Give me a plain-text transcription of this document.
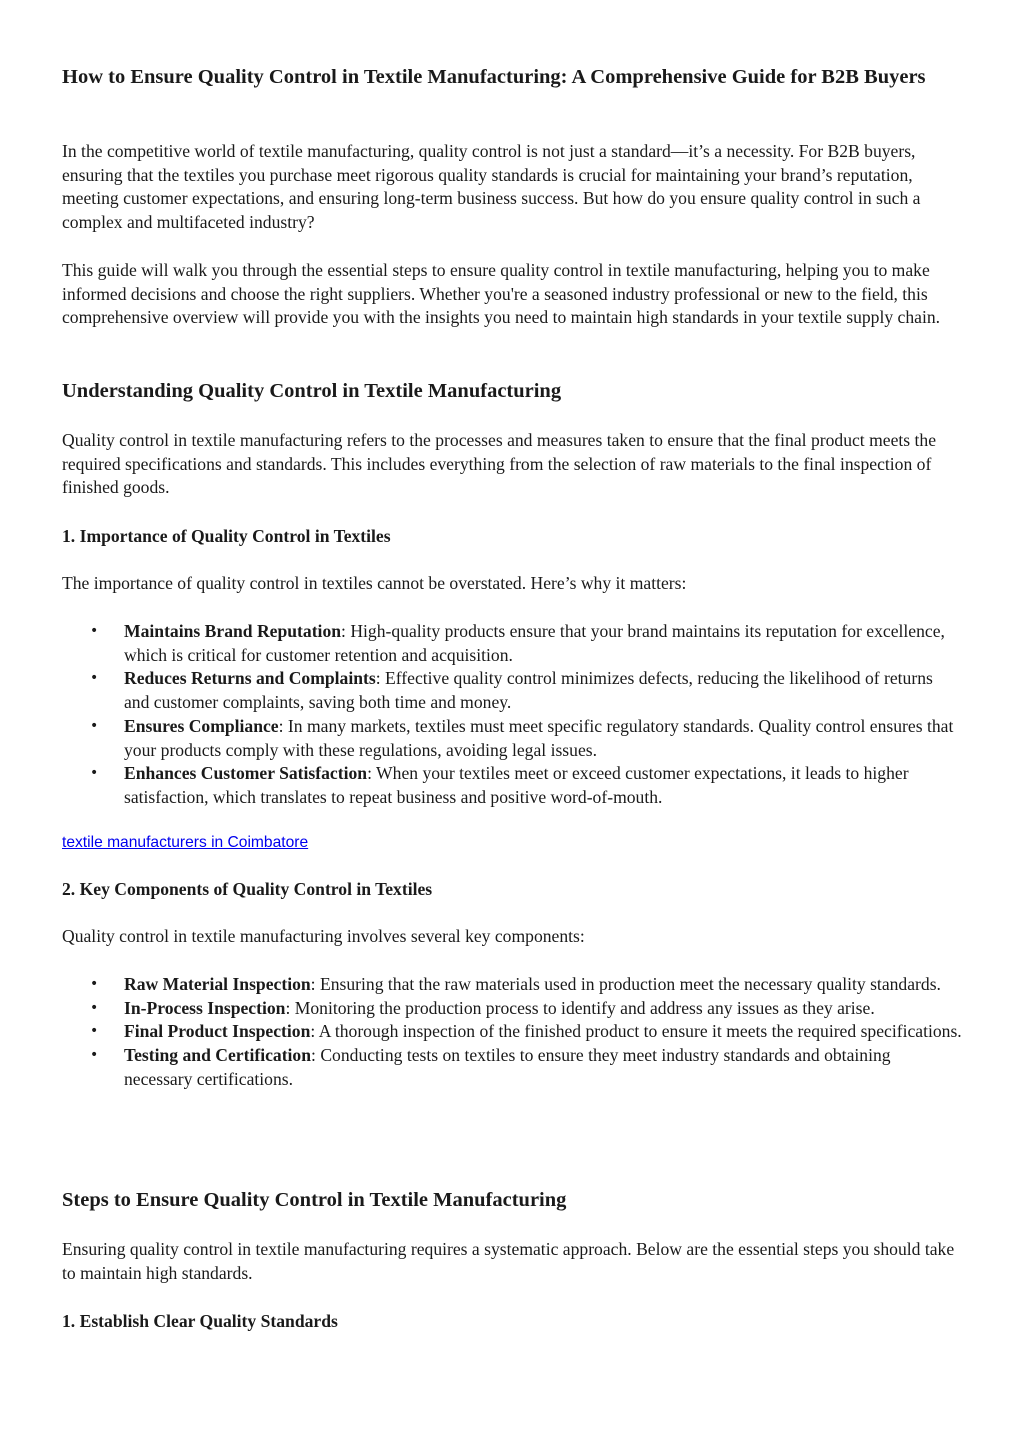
How to Ensure Quality Control in Textile Manufacturing: A Comprehensive Guide for B2B Buyers

In the competitive world of textile manufacturing, quality control is not just a standard—it’s a necessity. For B2B buyers, ensuring that the textiles you purchase meet rigorous quality standards is crucial for maintaining your brand’s reputation, meeting customer expectations, and ensuring long-term business success. But how do you ensure quality control in such a complex and multifaceted industry?

This guide will walk you through the essential steps to ensure quality control in textile manufacturing, helping you to make informed decisions and choose the right suppliers. Whether you're a seasoned industry professional or new to the field, this comprehensive overview will provide you with the insights you need to maintain high standards in your textile supply chain.

Understanding Quality Control in Textile Manufacturing

Quality control in textile manufacturing refers to the processes and measures taken to ensure that the final product meets the required specifications and standards. This includes everything from the selection of raw materials to the final inspection of finished goods.

1. Importance of Quality Control in Textiles

The importance of quality control in textiles cannot be overstated. Here’s why it matters:

• Maintains Brand Reputation: High-quality products ensure that your brand maintains its reputation for excellence, which is critical for customer retention and acquisition.
• Reduces Returns and Complaints: Effective quality control minimizes defects, reducing the likelihood of returns and customer complaints, saving both time and money.
• Ensures Compliance: In many markets, textiles must meet specific regulatory standards. Quality control ensures that your products comply with these regulations, avoiding legal issues.
• Enhances Customer Satisfaction: When your textiles meet or exceed customer expectations, it leads to higher satisfaction, which translates to repeat business and positive word-of-mouth.
textile manufacturers in Coimbatore
2. Key Components of Quality Control in Textiles

Quality control in textile manufacturing involves several key components:

• Raw Material Inspection: Ensuring that the raw materials used in production meet the necessary quality standards.
• In-Process Inspection: Monitoring the production process to identify and address any issues as they arise.
• Final Product Inspection: A thorough inspection of the finished product to ensure it meets the required specifications.
• Testing and Certification: Conducting tests on textiles to ensure they meet industry standards and obtaining necessary certifications.
Steps to Ensure Quality Control in Textile Manufacturing

Ensuring quality control in textile manufacturing requires a systematic approach. Below are the essential steps you should take to maintain high standards.

1. Establish Clear Quality Standards
